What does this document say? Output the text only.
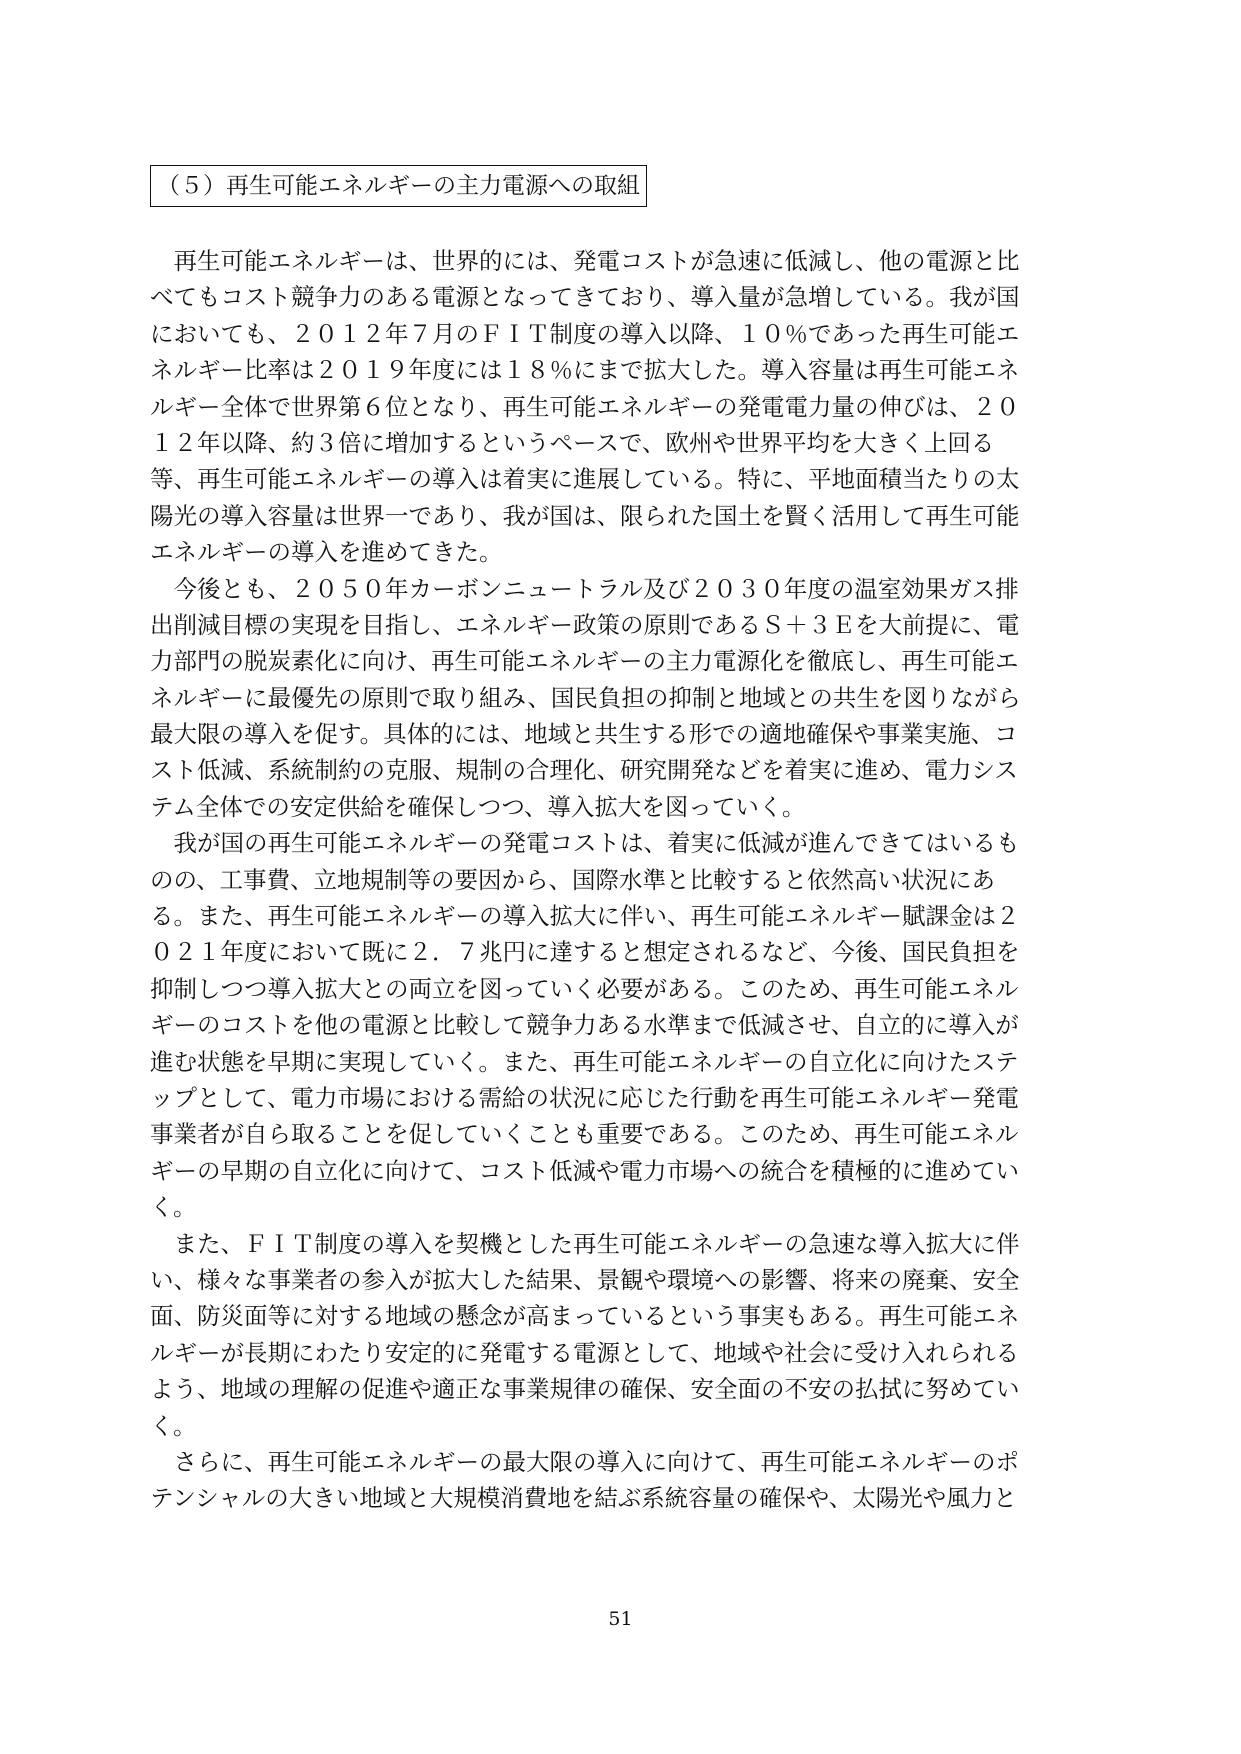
（５）再生可能エネルギーの主力電源への取組
　再生可能エネルギーは、世界的には、発電コストが急速に低減し、他の電源と比
べてもコスト競争力のある電源となってきており、導入量が急増している。我が国
においても、２０１２年７月のＦＩＴ制度の導入以降、１０％であった再生可能エ
ネルギー比率は２０１９年度には１８％にまで拡大した。導入容量は再生可能エネ
ルギー全体で世界第６位となり、再生可能エネルギーの発電電力量の伸びは、２０
１２年以降、約３倍に増加するというペースで、欧州や世界平均を大きく上回る
等、再生可能エネルギーの導入は着実に進展している。特に、平地面積当たりの太
陽光の導入容量は世界一であり、我が国は、限られた国土を賢く活用して再生可能
エネルギーの導入を進めてきた。
　今後とも、２０５０年カーボンニュートラル及び２０３０年度の温室効果ガス排
出削減目標の実現を目指し、エネルギー政策の原則であるＳ＋３Ｅを大前提に、電
力部門の脱炭素化に向け、再生可能エネルギーの主力電源化を徹底し、再生可能エ
ネルギーに最優先の原則で取り組み、国民負担の抑制と地域との共生を図りながら
最大限の導入を促す。具体的には、地域と共生する形での適地確保や事業実施、コ
スト低減、系統制約の克服、規制の合理化、研究開発などを着実に進め、電力シス
テム全体での安定供給を確保しつつ、導入拡大を図っていく。
　我が国の再生可能エネルギーの発電コストは、着実に低減が進んできてはいるも
のの、工事費、立地規制等の要因から、国際水準と比較すると依然高い状況にあ
る。また、再生可能エネルギーの導入拡大に伴い、再生可能エネルギー賦課金は２
０２１年度において既に２．７兆円に達すると想定されるなど、今後、国民負担を
抑制しつつ導入拡大との両立を図っていく必要がある。このため、再生可能エネル
ギーのコストを他の電源と比較して競争力ある水準まで低減させ、自立的に導入が
進む状態を早期に実現していく。また、再生可能エネルギーの自立化に向けたステ
ップとして、電力市場における需給の状況に応じた行動を再生可能エネルギー発電
事業者が自ら取ることを促していくことも重要である。このため、再生可能エネル
ギーの早期の自立化に向けて、コスト低減や電力市場への統合を積極的に進めてい
く。
　また、ＦＩＴ制度の導入を契機とした再生可能エネルギーの急速な導入拡大に伴
い、様々な事業者の参入が拡大した結果、景観や環境への影響、将来の廃棄、安全
面、防災面等に対する地域の懸念が高まっているという事実もある。再生可能エネ
ルギーが長期にわたり安定的に発電する電源として、地域や社会に受け入れられる
よう、地域の理解の促進や適正な事業規律の確保、安全面の不安の払拭に努めてい
く。
　さらに、再生可能エネルギーの最大限の導入に向けて、再生可能エネルギーのポ
テンシャルの大きい地域と大規模消費地を結ぶ系統容量の確保や、太陽光や風力と
51
